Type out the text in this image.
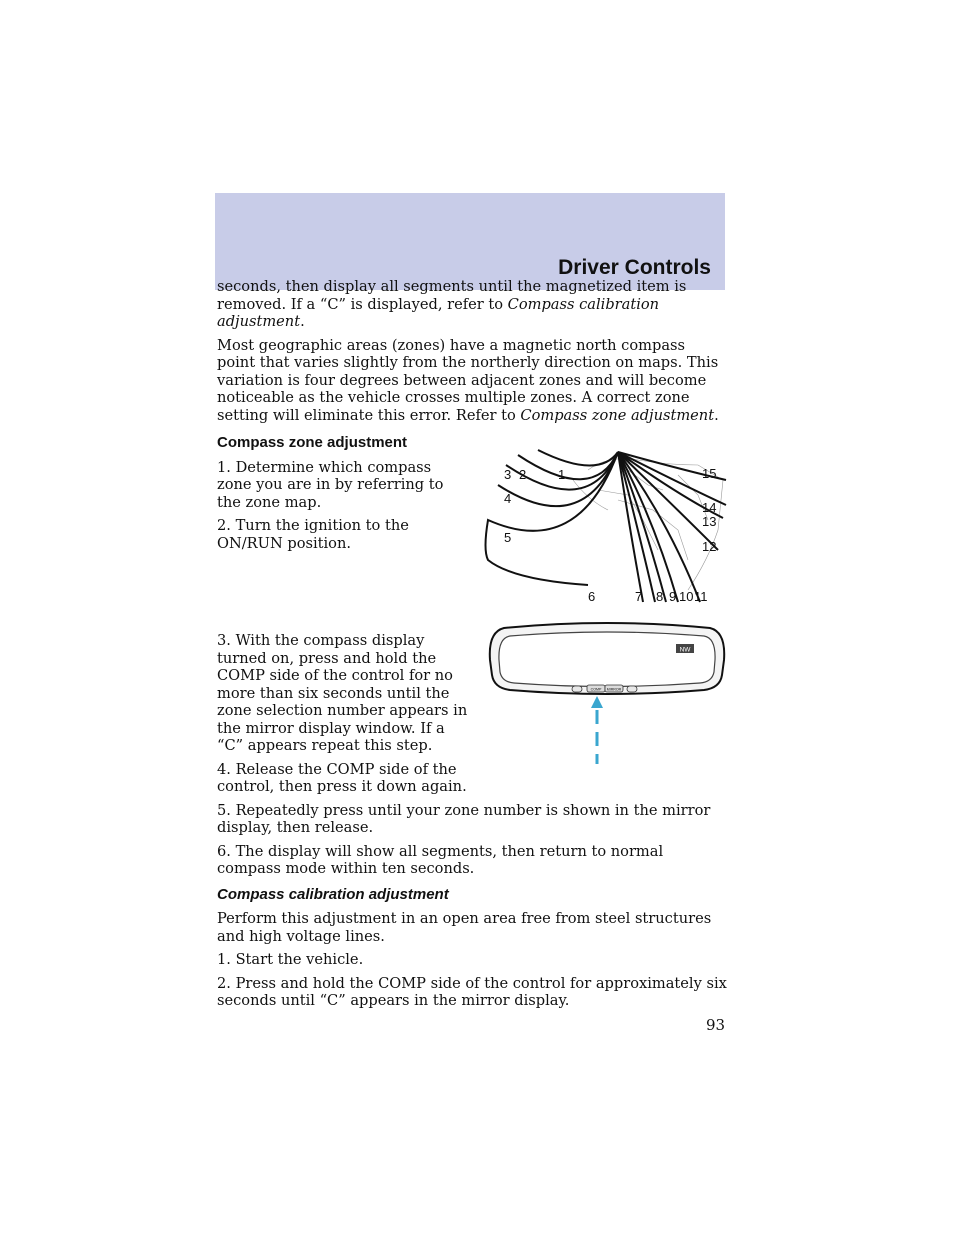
Driver Controls

seconds, then display all segments until the magnetized item is removed. If a “C” is displayed, refer to Compass calibration adjustment.

Most geographic areas (zones) have a magnetic north compass point that varies slightly from the northerly direction on maps. This variation is four degrees between adjacent zones and will become noticeable as the vehicle crosses multiple zones. A correct zone setting will eliminate this error. Refer to Compass zone adjustment.

Compass zone adjustment

1. Determine which compass zone you are in by referring to the zone map.

2. Turn the ignition to the ON/RUN position.

3. With the compass display turned on, press and hold the COMP side of the control for no more than six seconds until the zone selection number appears in the mirror display window. If a “C” appears repeat this step.

4. Release the COMP side of the control, then press it down again.

5. Repeatedly press until your zone number is shown in the mirror display, then release.

6. The display will show all segments, then return to normal compass mode within ten seconds.

Compass calibration adjustment

Perform this adjustment in an open area free from steel structures and high voltage lines.

1. Start the vehicle.

2. Press and hold the COMP side of the control for approximately six seconds until “C” appears in the mirror display.

1
2
3
4
5
6	7 8 9 10 11
12
13
14
15
NW
COMP MIRROR
93
